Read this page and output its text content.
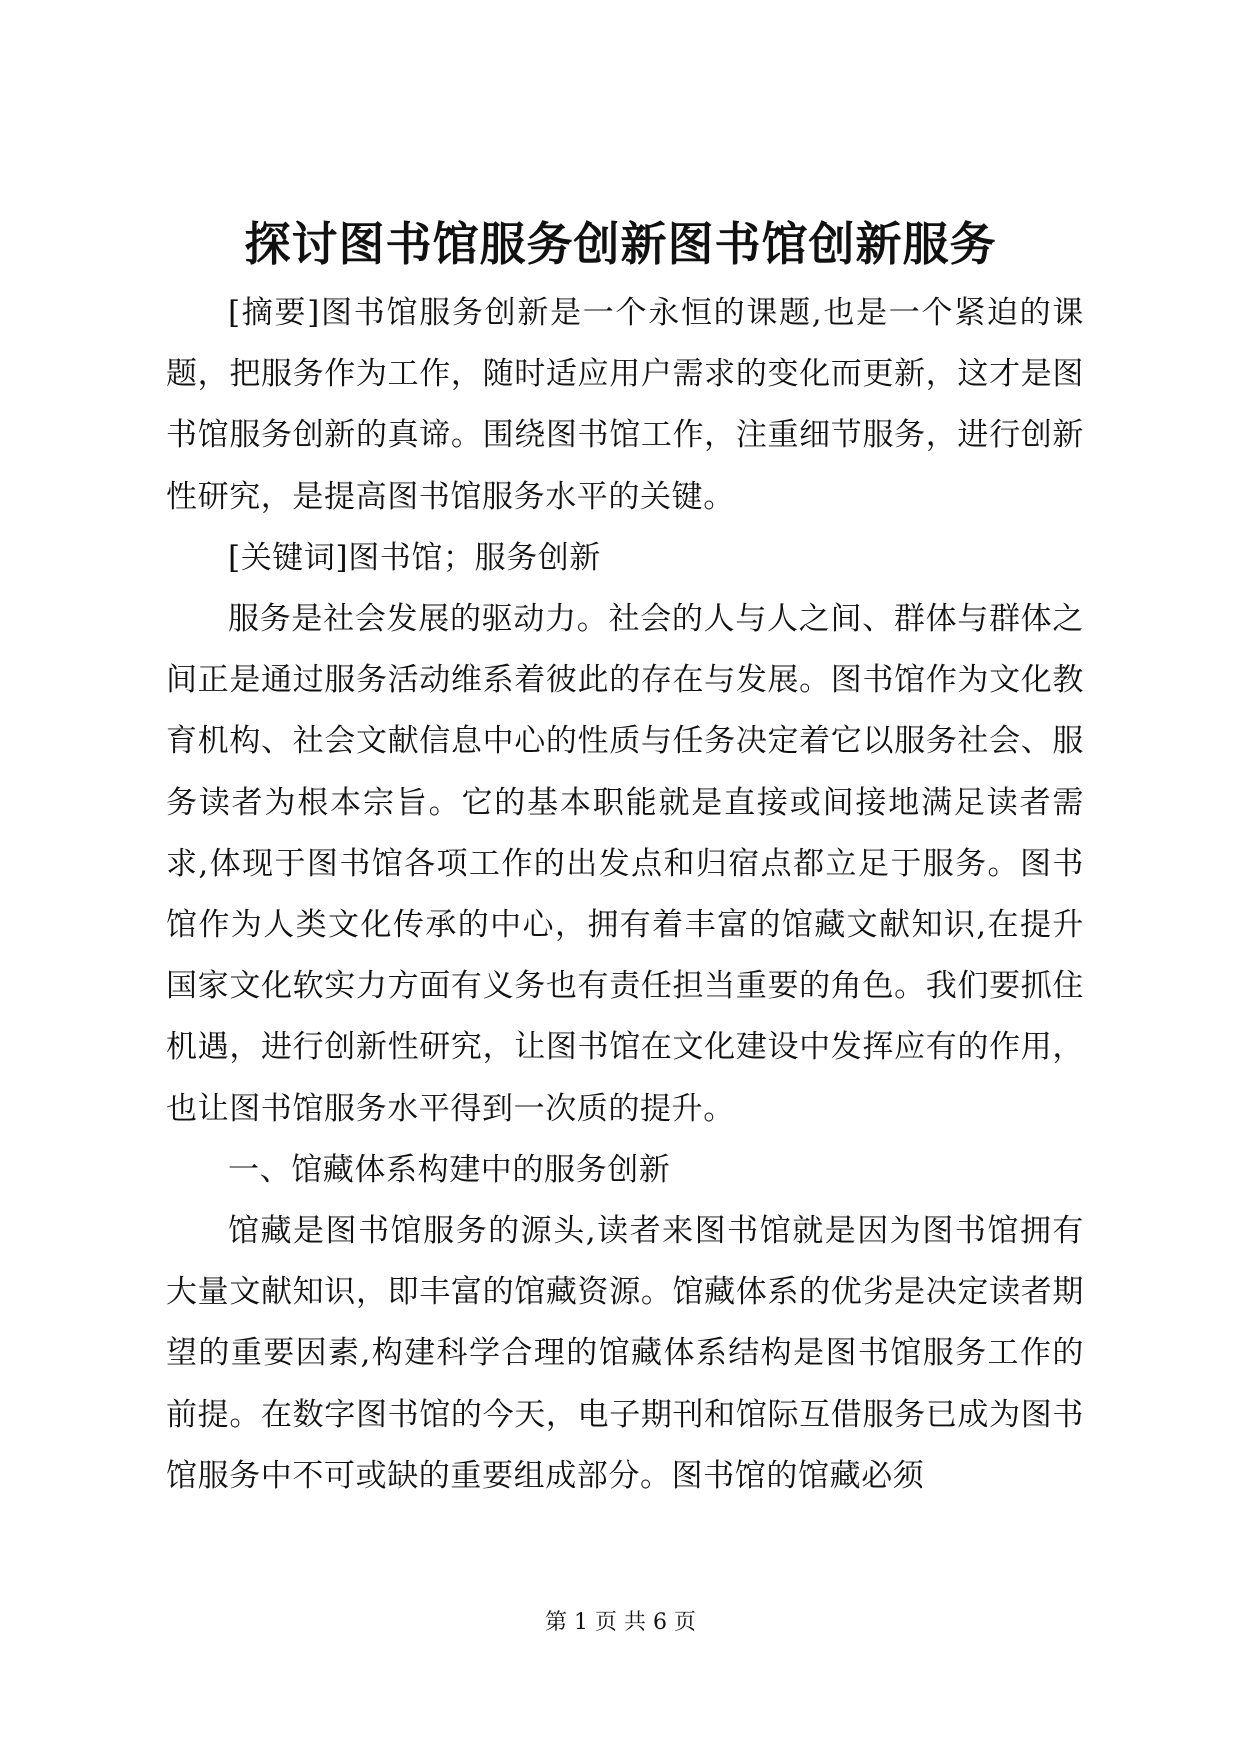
探讨图书馆服务创新图书馆创新服务

[摘要]图书馆服务创新是一个永恒的课题,也是一个紧迫的课题，把服务作为工作，随时适应用户需求的变化而更新，这才是图书馆服务创新的真谛。围绕图书馆工作，注重细节服务，进行创新性研究，是提高图书馆服务水平的关键。

[关键词]图书馆；服务创新

服务是社会发展的驱动力。社会的人与人之间、群体与群体之间正是通过服务活动维系着彼此的存在与发展。图书馆作为文化教育机构、社会文献信息中心的性质与任务决定着它以服务社会、服务读者为根本宗旨。它的基本职能就是直接或间接地满足读者需求,体现于图书馆各项工作的出发点和归宿点都立足于服务。图书馆作为人类文化传承的中心，拥有着丰富的馆藏文献知识,在提升国家文化软实力方面有义务也有责任担当重要的角色。我们要抓住机遇，进行创新性研究，让图书馆在文化建设中发挥应有的作用，也让图书馆服务水平得到一次质的提升。

一、馆藏体系构建中的服务创新

馆藏是图书馆服务的源头,读者来图书馆就是因为图书馆拥有大量文献知识，即丰富的馆藏资源。馆藏体系的优劣是决定读者期望的重要因素,构建科学合理的馆藏体系结构是图书馆服务工作的前提。在数字图书馆的今天，电子期刊和馆际互借服务已成为图书馆服务中不可或缺的重要组成部分。图书馆的馆藏必须

第 1 页 共 6 页
